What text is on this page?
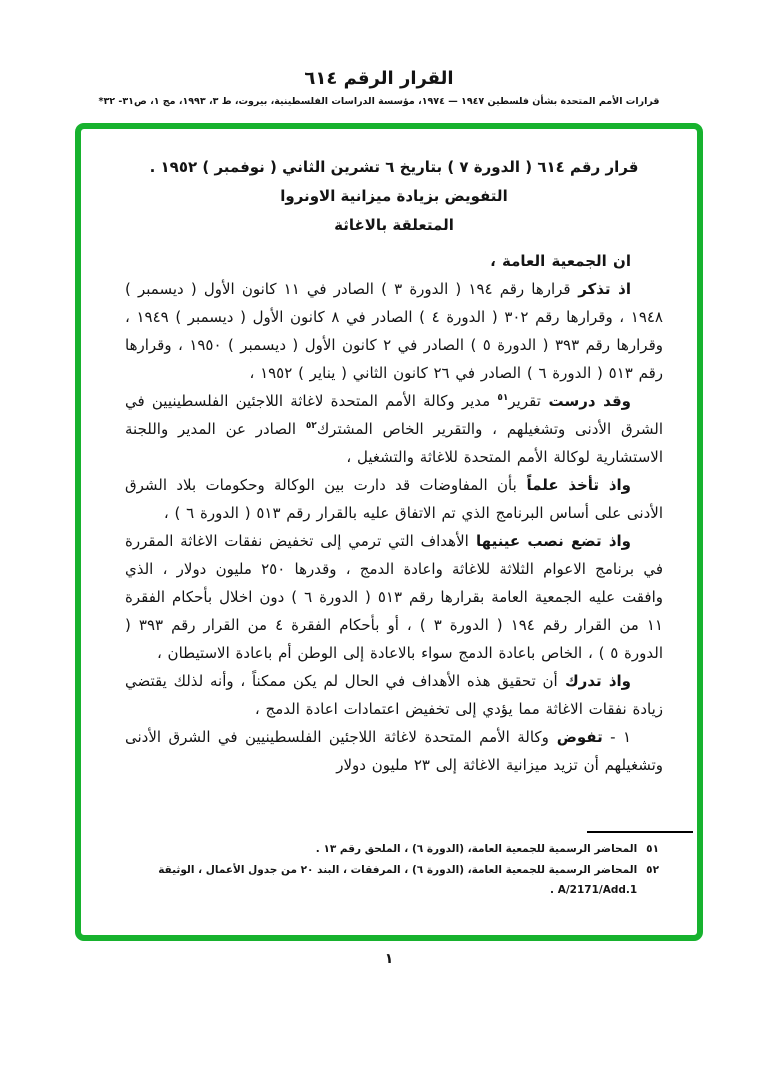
القرار الرقم ٦١٤
قرارات الأمم المتحدة بشأن فلسطين ١٩٤٧ — ١٩٧٤، مؤسسة الدراسات الفلسطينية، بيروت، ط ٣، ١٩٩٣، مج ١، ص٣١- ٣٢*
قرار رقم ٦١٤ ( الدورة ٧ ) بتاريخ ٦ تشرين الثاني ( نوفمبر ) ١٩٥٢ .
التفويض بزيادة ميزانية الاونروا
المتعلقة بالاغاثة

ان الجمعية العامة ،

اذ تذكر قرارها رقم ١٩٤ ( الدورة ٣ ) الصادر في ١١ كانون الأول ( ديسمبر ) ١٩٤٨ ، وقرارها رقم ٣٠٢ ( الدورة ٤ ) الصادر في ٨ كانون الأول ( ديسمبر ) ١٩٤٩ ، وقرارها رقم ٣٩٣ ( الدورة ٥ ) الصادر في ٢ كانون الأول ( ديسمبر ) ١٩٥٠ ، وقرارها رقم ٥١٣ ( الدورة ٦ ) الصادر في ٢٦ كانون الثاني ( يناير ) ١٩٥٢ ،

وقد درست تقرير$^{٥١}$ مدير وكالة الأمم المتحدة لاغاثة اللاجئين الفلسطينيين في الشرق الأدنى وتشغيلهم ، والتقرير الخاص المشترك$^{٥٢}$ الصادر عن المدير واللجنة الاستشارية لوكالة الأمم المتحدة للاغاثة والتشغيل ،

واذ تأخذ علماً بأن المفاوضات قد دارت بين الوكالة وحكومات بلاد الشرق الأدنى على أساس البرنامج الذي تم الاتفاق عليه بالقرار رقم ٥١٣ ( الدورة ٦ ) ،

واذ تضع نصب عينيها الأهداف التي ترمي إلى تخفيض نفقات الاغاثة المقررة في برنامج الاعوام الثلاثة للاغاثة واعادة الدمج ، وقدرها ٢٥٠ مليون دولار ، الذي وافقت عليه الجمعية العامة بقرارها رقم ٥١٣ ( الدورة ٦ ) دون اخلال بأحكام الفقرة ١١ من القرار رقم ١٩٤ ( الدورة ٣ ) ، أو بأحكام الفقرة ٤ من القرار رقم ٣٩٣ ( الدورة ٥ ) ، الخاص باعادة الدمج سواء بالاعادة إلى الوطن أم باعادة الاستيطان ،

واذ تدرك أن تحقيق هذه الأهداف في الحال لم يكن ممكناً ، وأنه لذلك يقتضي زيادة نفقات الاغاثة مما يؤدي إلى تخفيض اعتمادات اعادة الدمج ،

١ - تفوض وكالة الأمم المتحدة لاغاثة اللاجئين الفلسطينيين في الشرق الأدنى وتشغيلهم أن تزيد ميزانية الاغاثة إلى ٢٣ مليون دولار

٥١
المحاضر الرسمية للجمعية العامة، (الدورة ٦) ، الملحق رقم ١٣ .
٥٢
المحاضر الرسمية للجمعية العامة، (الدورة ٦) ، المرفقات ، البند ٢٠ من جدول الأعمال ، الوثيقة A/2171/Add.1 .
١
